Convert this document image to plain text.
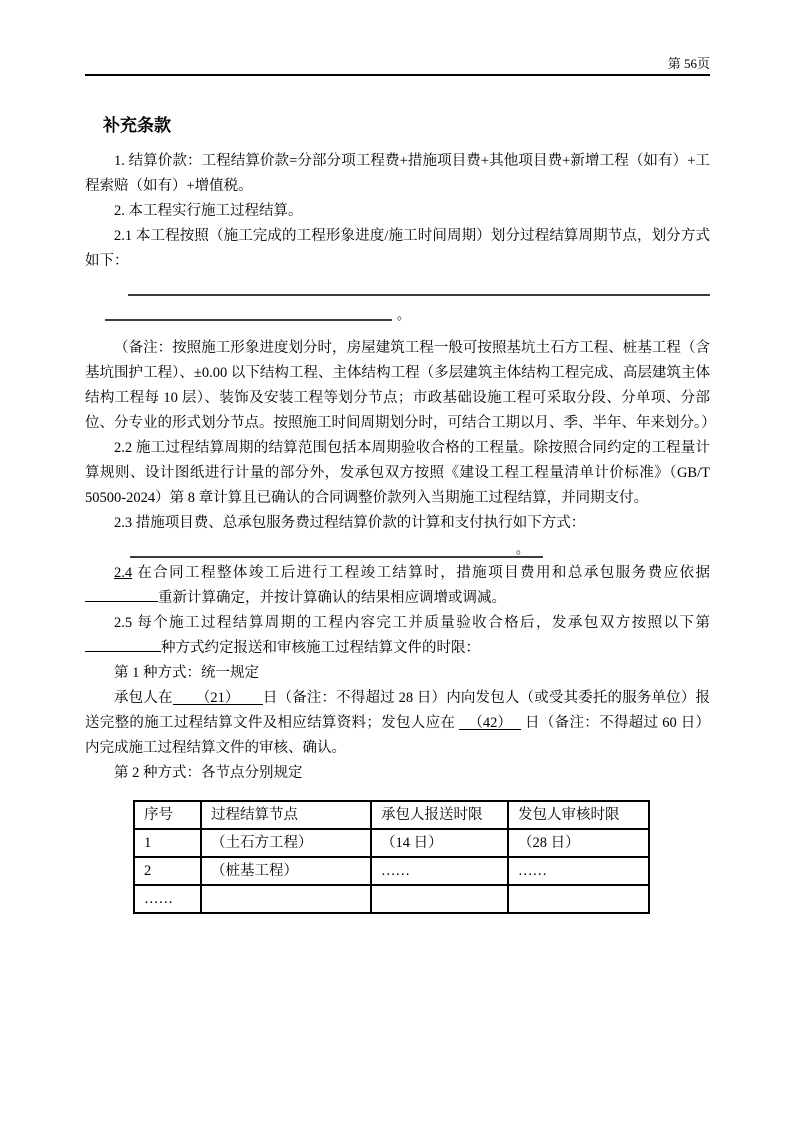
第 56页
补充条款

1. 结算价款：工程结算价款=分部分项工程费+措施项目费+其他项目费+新增工程（如有）+工程索赔（如有）+增值税。

2. 本工程实行施工过程结算。

2.1 本工程按照（施工完成的工程形象进度/施工时间周期）划分过程结算周期节点，划分方式如下：

。

（备注：按照施工形象进度划分时，房屋建筑工程一般可按照基坑土石方工程、桩基工程（含基坑围护工程）、±0.00 以下结构工程、主体结构工程（多层建筑主体结构工程完成、高层建筑主体结构工程每 10 层）、装饰及安装工程等划分节点；市政基础设施工程可采取分段、分单项、分部位、分专业的形式划分节点。按照施工时间周期划分时，可结合工期以月、季、半年、年来划分。）

2.2 施工过程结算周期的结算范围包括本周期验收合格的工程量。除按照合同约定的工程量计算规则、设计图纸进行计量的部分外，发承包双方按照《建设工程工程量清单计价标准》（GB/T 50500-2024）第 8 章计算且已确认的合同调整价款列入当期施工过程结算，并同期支付。

2.3 措施项目费、总承包服务费过程结算价款的计算和支付执行如下方式：

。

2.4 在合同工程整体竣工后进行工程竣工结算时，措施项目费用和总承包服务费应依据重新计算确定，并按计算确认的结果相应调增或调减。

2.5 每个施工过程结算周期的工程内容完工并质量验收合格后，发承包双方按照以下第种方式约定报送和审核施工过程结算文件的时限：

第 1 种方式：统一规定

承包人在 （21） 日（备注：不得超过 28 日）内向发包人（或受其委托的服务单位）报送完整的施工过程结算文件及相应结算资料；发包人应在 （42） 日（备注：不得超过 60 日）内完成施工过程结算文件的审核、确认。

第 2 种方式：各节点分别规定

序号	过程结算节点	承包人报送时限	发包人审核时限
1	（土石方工程）	（14 日）	（28 日）
2	（桩基工程）	……	……
……			
